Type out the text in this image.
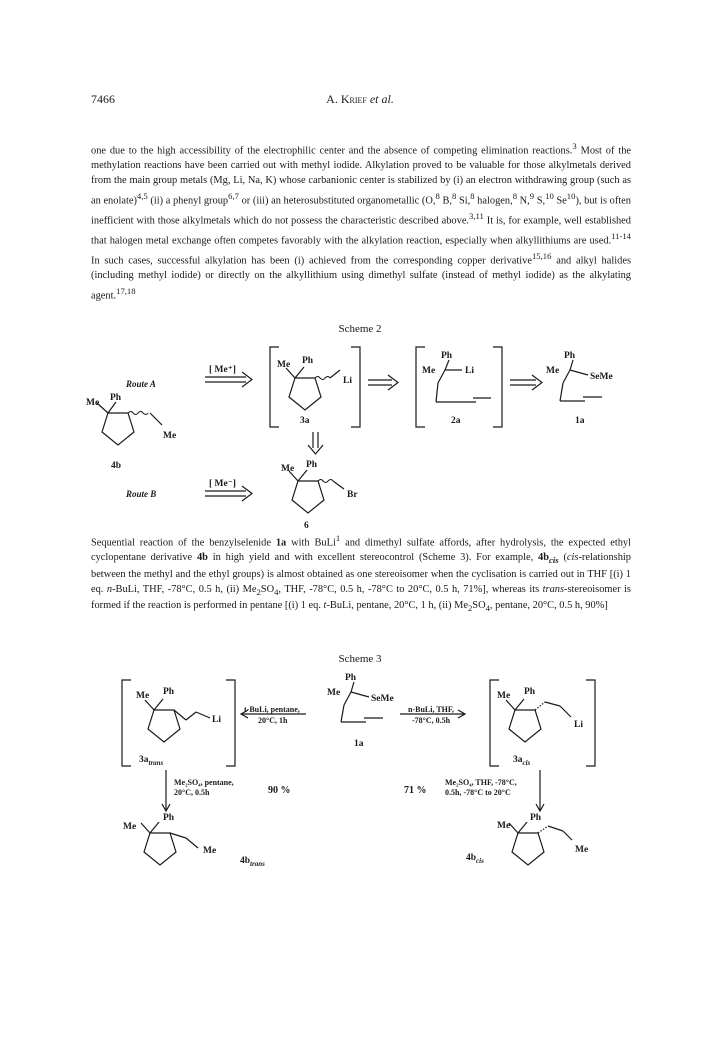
7466	A. Krief et al.

one due to the high accessibility of the electrophilic center and the absence of competing elimination reactions.$^3$ Most of the methylation reactions have been carried out with methyl iodide. Alkylation proved to be valuable for those alkylmetals derived from the main group metals (Mg, Li, Na, K) whose carbanionic center is stabilized by (i) an electron withdrawing group (such as an enolate)$^{4,5}$ (ii) a phenyl group$^{6,7}$ or (iii) an heterosubstituted organometallic (O,$^8$ B,$^8$ Si,$^8$ halogen,$^8$ N,$^9$ S,$^{10}$ Se$^{10}$), but is often inefficient with those alkylmetals which do not possess the characteristic described above.$^{3,11}$ It is, for example, well established that halogen metal exchange often competes favorably with the alkylation reaction, especially when alkyllithiums are used.$^{11-14}$ In such cases, successful alkylation has been (i) achieved from the corresponding copper derivative$^{15,16}$ and alkyl halides (including methyl iodide) or directly on the alkyllithium using dimethyl sulfate (instead of methyl iodide) as the alkylating agent.$^{17,18}$

Scheme 2
Me Ph
Me
4b
Route A
Route B
[ Me⁺]
[ Me⁻]
Me Ph
Li
3a
Ph
Me	Li
2a
Ph
Me
SeMe
1a
Me Ph
Br
6

Sequential reaction of the benzylselenide 1a with BuLi$^1$ and dimethyl sulfate affords, after hydrolysis, the expected ethyl cyclopentane derivative 4b in high yield and with excellent stereocontrol (Scheme 3). For example, $4b_{cis}$ (cis-relationship between the methyl and the ethyl groups) is almost obtained as one stereoisomer when the cyclisation is carried out in THF [(i) 1 eq. n-BuLi, THF, -78°C, 0.5 h, (ii) $Me_2SO_4$, THF, -78°C, 0.5 h, -78°C to 20°C, 0.5 h, 71%], whereas its trans-stereoisomer is formed if the reaction is performed in pentane [(i) 1 eq. t-BuLi, pentane, 20°C, 1 h, (ii) $Me_2SO_4$, pentane, 20°C, 0.5 h, 90%]

Scheme 3
Me Ph
Li
$3a_{trans}$
t-BuLi, pentane,
20°C, 1h
Ph
Me
SeMe
1a
n-BuLi, THF,
-78°C, 0.5h
Me Ph
Li
$3a_{cis}$
Me₂SO₄, pentane,
20°C, 0.5h	90 %	71 %
Me₂SO₄, THF, -78°C,
0.5h, -78°C to 20°C
Me
Ph
Me
$4b_{trans}$
Me
Ph
Me
$4b_{cis}$
